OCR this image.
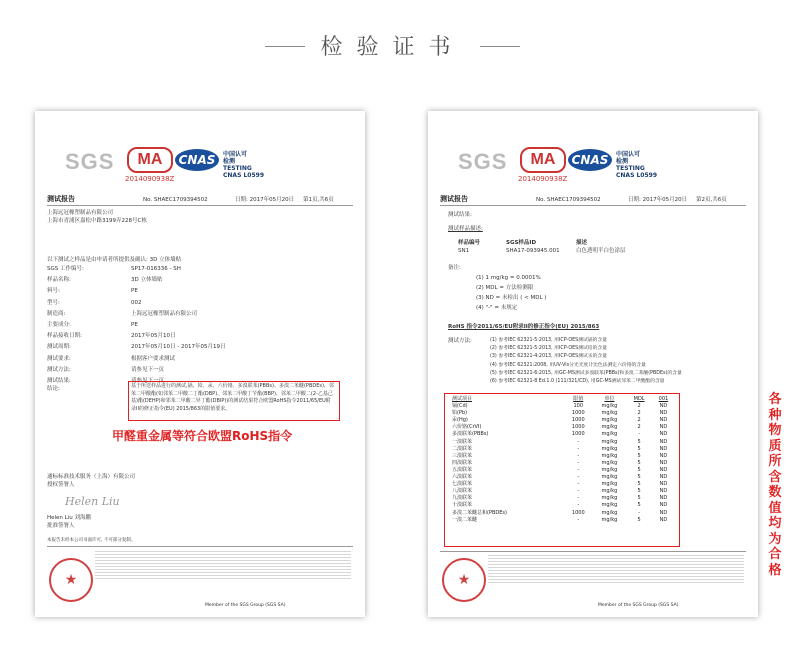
检验证书
SGS	MA
2014090938Z
CNAS	中国认可
检测
TESTING
CNAS L0599
测试报告	No. SHAEC1709394502	日期: 2017年05月20日 第1页,共6页
上海远冠橡塑制品有限公司
上海市青浦区嘉松中路3199弄228号C栋
以下测试之样品是由申请者所提供及确认: 3D 立体墙贴
SGS 工作编号:	SP17-016336 - SH
样品名称:	3D 立体墙贴
料号:	PE
型号:	002
制造商:	上海远冠橡塑制品有限公司
主要成分:	PE
样品接收日期:	2017年05月10日
测试周期:	2017年05月10日 - 2017年05月19日
测试要求:	根据客户要求测试
测试方法:	请参见下一页
测试结果:	请参见下一页
结论:	基于所送样品进行的测试,镉、铅、汞、六价铬、多溴联苯(PBBs)、多溴二苯醚(PBDEs)、邻苯二甲酸酯(如邻苯二甲酸二丁酯(DBP)、邻苯二甲酸丁苄酯(BBP)、邻苯二甲酸二(2-乙基己基)酯(DEHP)和邻苯二甲酸二异丁酯(DBIP))的测试结果符合欧盟RoHS指令2011/65/EU附录II的修正指令(EU) 2015/863的限值要求。
甲醛重金属等符合欧盟RoHS指令
通标标准技术服务（上海）有限公司
授权签署人
Helen Liu
Helen Liu 刘海鹏
批准签署人
本报告未经本公司书面许可, 不可部分复制。
★
Member of the SGS Group (SGS SA)
SGS	MA
2014090938Z
CNAS	中国认可
检测
TESTING
CNAS L0599
测试报告	No. SHAEC1709394502	日期: 2017年05月20日 第2页,共6页
测试结果:
测试样品描述:
样品编号	SGS样品ID	描述
SN1	SHA17-093945.001	白色透明半白色涂层
备注:
(1) 1 mg/kg = 0.0001%
(2) MDL = 方法检测限
(3) ND = 未检出 ( < MDL )
(4) "-" = 未规定
RoHS 指令2011/65/EU附录II的修正指令(EU) 2015/863
测试方法:	(1) 参考IEC 62321-5:2013, 用ICP-OES测试镉的含量
(2) 参考IEC 62321-5:2013, 用ICP-OES测试铅的含量
(3) 参考IEC 62321-4:2013, 用ICP-OES测试汞的含量
(4) 参考IEC 62321:2008, 用UV-Vis分光光度计比色法测定六价铬的含量
(5) 参考IEC 62321-6:2015, 用GC-MS测试多溴联苯(PBBs)和多溴二苯醚(PBDEs)的含量
(6) 参考IEC 62321-8 Ed.1.0 (111/321/CD), 用GC-MS测试邻苯二甲酸酯的含量
测试项目	限值	单位	MDL	001
镉(Cd)	100	mg/kg	2	ND
铅(Pb)	1000	mg/kg	2	ND
汞(Hg)	1000	mg/kg	2	ND
六价铬(CrVI)	1000	mg/kg	2	ND
多溴联苯(PBBs)	1000	mg/kg	-	ND
一溴联苯	-	mg/kg	5	ND
二溴联苯	-	mg/kg	5	ND
三溴联苯	-	mg/kg	5	ND
四溴联苯	-	mg/kg	5	ND
五溴联苯	-	mg/kg	5	ND
六溴联苯	-	mg/kg	5	ND
七溴联苯	-	mg/kg	5	ND
八溴联苯	-	mg/kg	5	ND
九溴联苯	-	mg/kg	5	ND
十溴联苯	-	mg/kg	5	ND
多溴二苯醚总和(PBDEs)	1000	mg/kg	-	ND
一溴二苯醚	-	mg/kg	5	ND
★
Member of the SGS Group (SGS SA)
各
种
物
质
所
含
数
值
均
为
合
格
